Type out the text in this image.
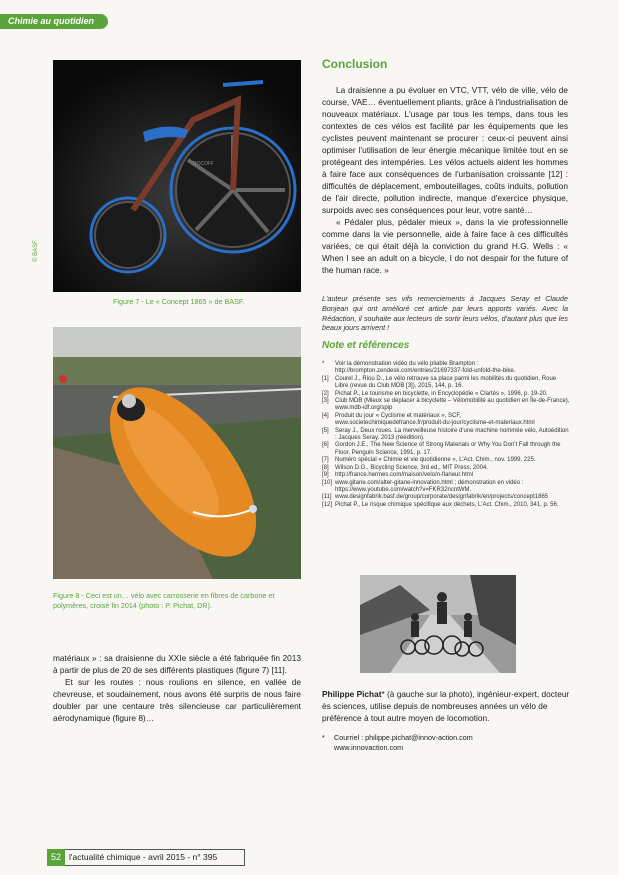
Chimie au quotidien
© BASF.
ROCOFF
Figure 7 - Le « Concept 1865 » de BASF.
Figure 8 - Ceci est un… vélo avec carrosserie en fibres de carbone et polymères, croisé fin 2014 (photo : P. Pichat, DR).

matériaux » : sa draisienne du XXIe siècle a été fabriquée fin 2013 à partir de plus de 20 de ses différents plastiques (figure 7) [11].

Et sur les routes : nous roulions en silence, en vallée de chevreuse, et soudainement, nous avons été surpris de nous faire doubler par une centaure très silencieuse car particulièrement aérodynamique (figure 8)…

Conclusion

La draisienne a pu évoluer en VTC, VTT, vélo de ville, vélo de course, VAE… éventuellement pliants, grâce à l'industrialisation de nouveaux matériaux. L'usage par tous les temps, dans tous les contextes de ces vélos est facilité par les équipements que les cyclistes peuvent maintenant se procurer : ceux-ci peuvent ainsi optimiser l'utilisation de leur énergie mécanique limitée tout en se protégeant des intempéries. Les vélos actuels aident les hommes à faire face aux conséquences de l'urbanisation croissante [12] : difficultés de déplacement, embouteillages, coûts induits, pollution de l'air directe, pollution indirecte, manque d'exercice physique, surpoids avec ses conséquences pour leur, votre santé…

« Pédaler plus, pédaler mieux », dans la vie professionnelle comme dans la vie personnelle, aide à faire face à ces difficultés variées, ce qui était déjà la conviction du grand H.G. Wells : « When I see an adult on a bicycle, I do not despair for the future of the human race. »

L'auteur présente ses vifs remerciements à Jacques Seray et Claude Bonjean qui ont amélioré cet article par leurs apports variés. Avec la Rédaction, il souhaite aux lecteurs de sortir leurs vélos, d'autant plus que les beaux jours arrivent !
Note et références
*	Voir la démonstration vidéo du vélo pliable Brampton : http://brompton.zendesk.com/entries/21697337-fold-unfold-the-bike.
[1]	Courel J., Riou D., Le vélo retrouve sa place parmi les mobilités du quotidien, Roue Libre (revue du Club MDB [3]), 2015, 144, p. 16.
[2]	Pichat P., Le tourisme en bicyclette, in Encyclopédie « Clartés », 1996, p. 19-20.
[3]	Club MDB (Mieux se déplacer à bicyclette – Vélomobilité au quotidien en Île-de-France), www.mdb-idf.org/spip
[4]	Produit du jour « Cyclisme et matériaux », SCF, www.societechimiquedefrance.fr/produit-du-jour/cyclisme-et-materiaux.html
[5]	Seray J., Deux roues. La merveilleuse histoire d'une machine nommée vélo, Autoédition : Jacques Seray, 2013 (réédition).
[6]	Gordon J.E., The New Science of Strong Materials or Why You Don't Fall through the Floor, Penguin Science, 1991, p. 17.
[7]	Numéro spécial « Chimie et vie quotidienne », L'Act. Chim., nov. 1999, 225.
[8]	Wilson D.G., Bicycling Science, 3rd ed., MIT Press, 2004.
[9]	http://france.hermes.com/maison/velo/n-flaneur.html
[10] www.gitane.com/alter-gitane-innovation.html ; démonstration en vidéo : https://www.youtube.com/watch?v=FKR32ncntWM.
[11] www.designfabrik.basf.de/group/corporate/designfabrik/en/projects/concept1865
[12] Pichat P., Le risque chimique spécifique aux déchets, L'Act. Chim., 2010, 341, p. 56.

Philippe Pichat* (à gauche sur la photo), ingénieur-expert, docteur ès sciences, utilise depuis de nombreuses années un vélo de préférence à tout autre moyen de locomotion.

*	Courriel : philippe.pichat@innov-action.com
www.innovaction.com
52 l'actualité chimique - avril 2015 - n° 395
